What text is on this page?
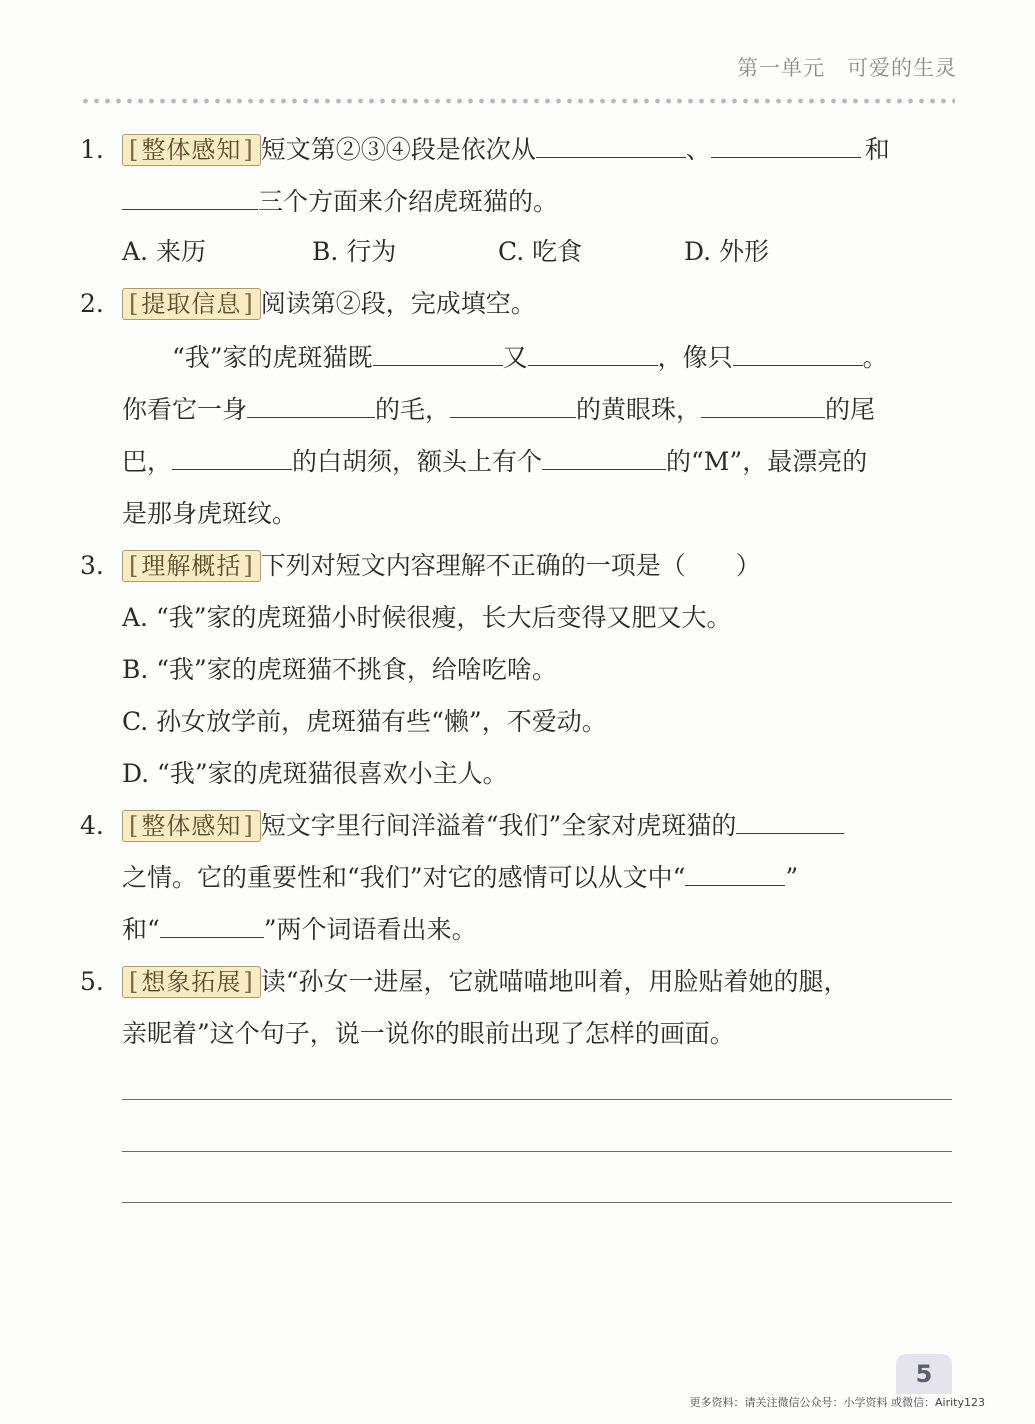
第一单元　可爱的生灵
1.	[ 整体感知 ] 短文第②③④段是依次从	、	和
三个方面来介绍虎斑猫的。
A. 来历	B. 行为	C. 吃食	D. 外形
2.	[ 提取信息 ] 阅读第②段，完成填空。
“我”家的虎斑猫既	又	，像只	。
你看它一身	的毛，	的黄眼珠，	的尾
巴，	的白胡须，额头上有个	的“M”，最漂亮的
是那身虎斑纹。
3.	[ 理解概括 ] 下列对短文内容理解不正确的一项是（　　）
A. “我”家的虎斑猫小时候很瘦，长大后变得又肥又大。
B. “我”家的虎斑猫不挑食，给啥吃啥。
C. 孙女放学前，虎斑猫有些“懒”，不爱动。
D. “我”家的虎斑猫很喜欢小主人。
4.	[ 整体感知 ] 短文字里行间洋溢着“我们”全家对虎斑猫的
之情。它的重要性和“我们”对它的感情可以从文中“	”
和“	”两个词语看出来。
5.	[ 想象拓展 ] 读“孙女一进屋，它就喵喵地叫着，用脸贴着她的腿，
亲昵着”这个句子，说一说你的眼前出现了怎样的画面。
5
更多资料：请关注微信公众号：小学资料 或微信：Airity123
